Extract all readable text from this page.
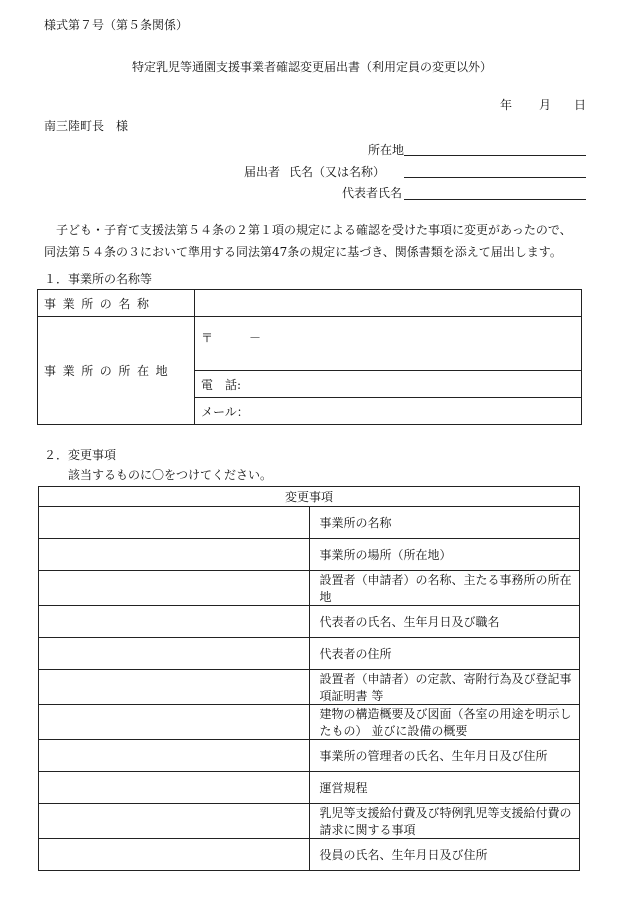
様式第７号（第５条関係）
特定乳児等通園支援事業者確認変更届出書（利用定員の変更以外）
年 月 日
南三陸町長　様
所在地
届出者 氏名（又は名称）
代表者氏名
子ども・子育て支援法第５４条の２第１項の規定による確認を受けた事項に変更があったので、
同法第５４条の３において準用する同法第47条の規定に基づき、関係書類を添えて届出します。
１．事業所の名称等
事業所の名称	

事業所の所在地	〒　　　－

	電　話:

	メール：
２．変更事項
該当するものに〇をつけてください。
変更事項	
	事業所の名称
	事業所の場所（所在地）
	設置者（申請者）の名称、主たる事務所の所在地
	代表者の氏名、生年月日及び職名
	代表者の住所
	設置者（申請者）の定款、寄附行為及び登記事項証明書 等
	建物の構造概要及び図面（各室の用途を明示したもの） 並びに設備の概要
	事業所の管理者の氏名、生年月日及び住所
	運営規程
	乳児等支援給付費及び特例乳児等支援給付費の請求に関する事項
	役員の氏名、生年月日及び住所
